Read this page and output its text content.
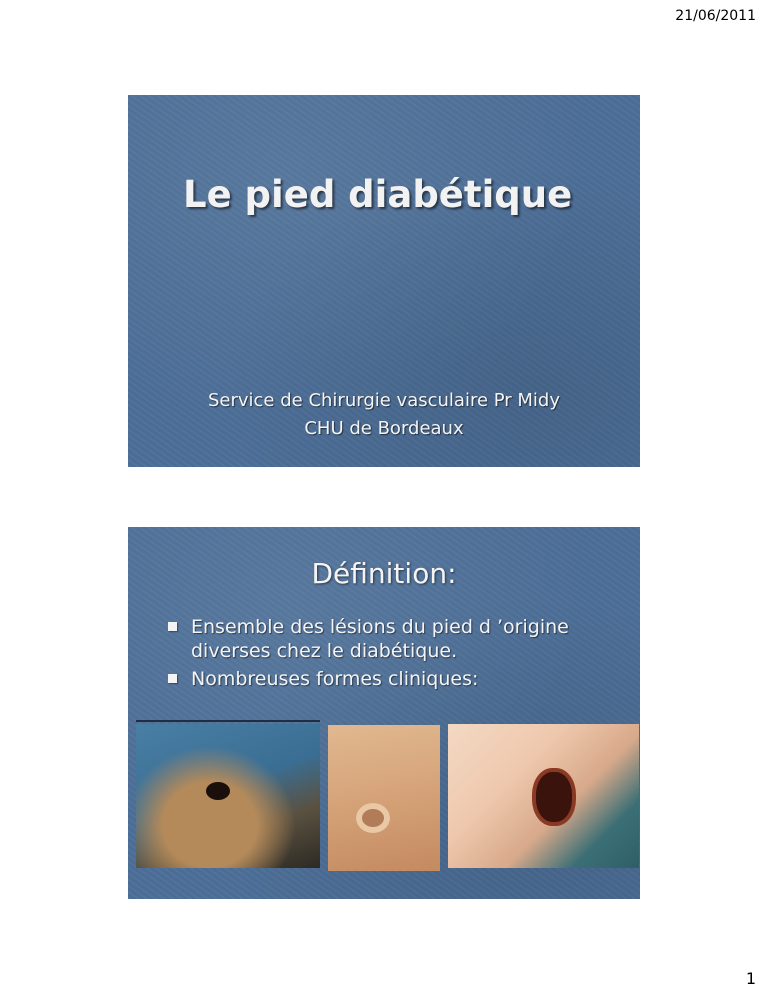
21/06/2011
Le pied diabétique
Service de Chirurgie vasculaire Pr Midy
CHU de Bordeaux
Définition:
Ensemble des lésions du pied d ’origine diverses chez le diabétique.
Nombreuses formes cliniques:
1
